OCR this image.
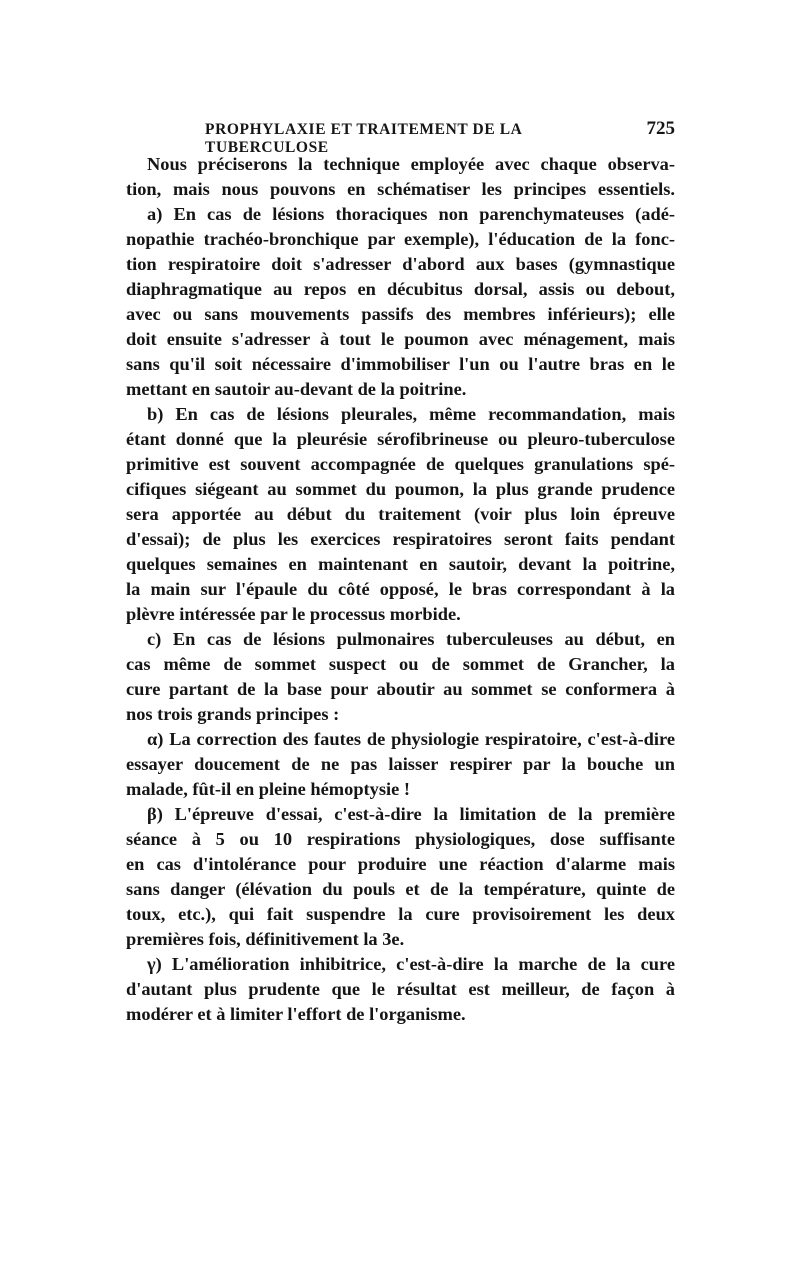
PROPHYLAXIE ET TRAITEMENT DE LA TUBERCULOSE
725
Nous préciserons la technique employée avec chaque observa-
tion, mais nous pouvons en schématiser les principes essentiels.
a) En cas de lésions thoraciques non parenchymateuses (adé-
nopathie trachéo-bronchique par exemple), l'éducation de la fonc-
tion respiratoire doit s'adresser d'abord aux bases (gymnastique
diaphragmatique au repos en décubitus dorsal, assis ou debout,
avec ou sans mouvements passifs des membres inférieurs); elle
doit ensuite s'adresser à tout le poumon avec ménagement, mais
sans qu'il soit nécessaire d'immobiliser l'un ou l'autre bras en le
mettant en sautoir au-devant de la poitrine.
b) En cas de lésions pleurales, même recommandation, mais
étant donné que la pleurésie sérofibrineuse ou pleuro-tuberculose
primitive est souvent accompagnée de quelques granulations spé-
cifiques siégeant au sommet du poumon, la plus grande prudence
sera apportée au début du traitement (voir plus loin épreuve
d'essai); de plus les exercices respiratoires seront faits pendant
quelques semaines en maintenant en sautoir, devant la poitrine,
la main sur l'épaule du côté opposé, le bras correspondant à la
plèvre intéressée par le processus morbide.
c) En cas de lésions pulmonaires tuberculeuses au début, en
cas même de sommet suspect ou de sommet de Grancher, la
cure partant de la base pour aboutir au sommet se conformera à
nos trois grands principes :
α) La correction des fautes de physiologie respiratoire, c'est-à-dire
essayer doucement de ne pas laisser respirer par la bouche un
malade, fût-il en pleine hémoptysie !
β) L'épreuve d'essai, c'est-à-dire la limitation de la première
séance à 5 ou 10 respirations physiologiques, dose suffisante
en cas d'intolérance pour produire une réaction d'alarme mais
sans danger (élévation du pouls et de la température, quinte de
toux, etc.), qui fait suspendre la cure provisoirement les deux
premières fois, définitivement la 3e.
γ) L'amélioration inhibitrice, c'est-à-dire la marche de la cure
d'autant plus prudente que le résultat est meilleur, de façon à
modérer et à limiter l'effort de l'organisme.
